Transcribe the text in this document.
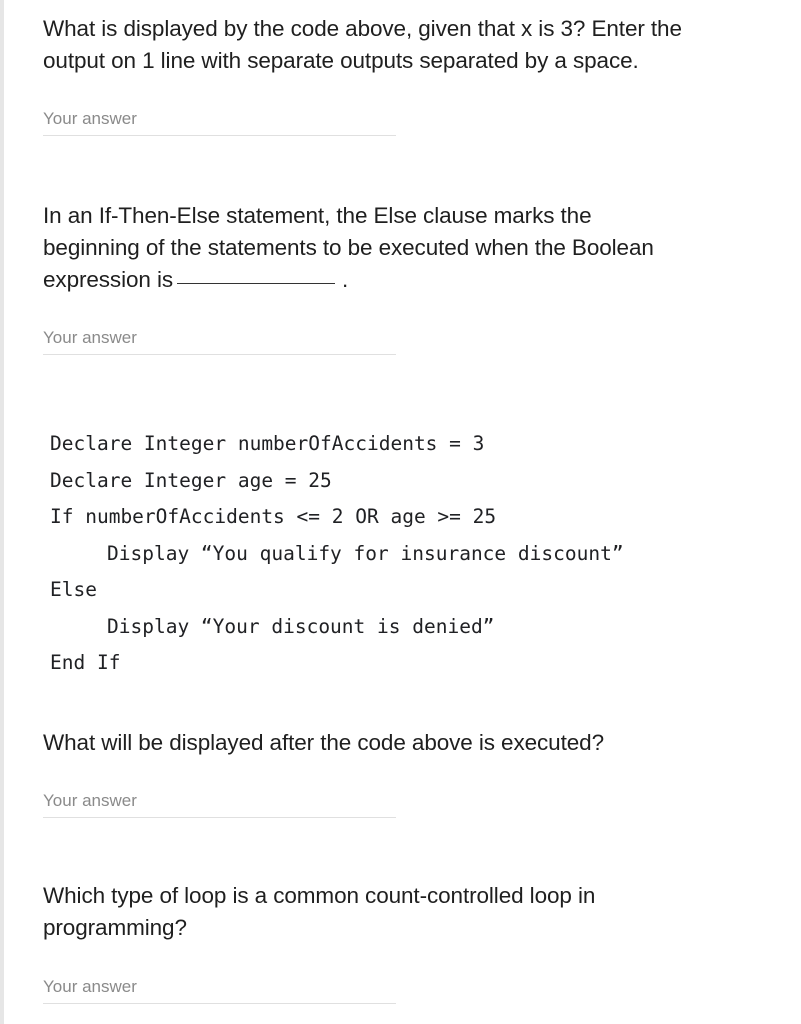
What is displayed by the code above, given that x is 3? Enter the
output on 1 line with separate outputs separated by a space.
Your answer
In an If-Then-Else statement, the Else clause marks the
beginning of the statements to be executed when the Boolean
expression is	.
Your answer
Declare Integer numberOfAccidents = 3
Declare Integer age = 25
If numberOfAccidents <= 2 OR age >= 25
Display “You qualify for insurance discount”
Else
Display “Your discount is denied”
End If
What will be displayed after the code above is executed?
Your answer
Which type of loop is a common count-controlled loop in
programming?
Your answer
